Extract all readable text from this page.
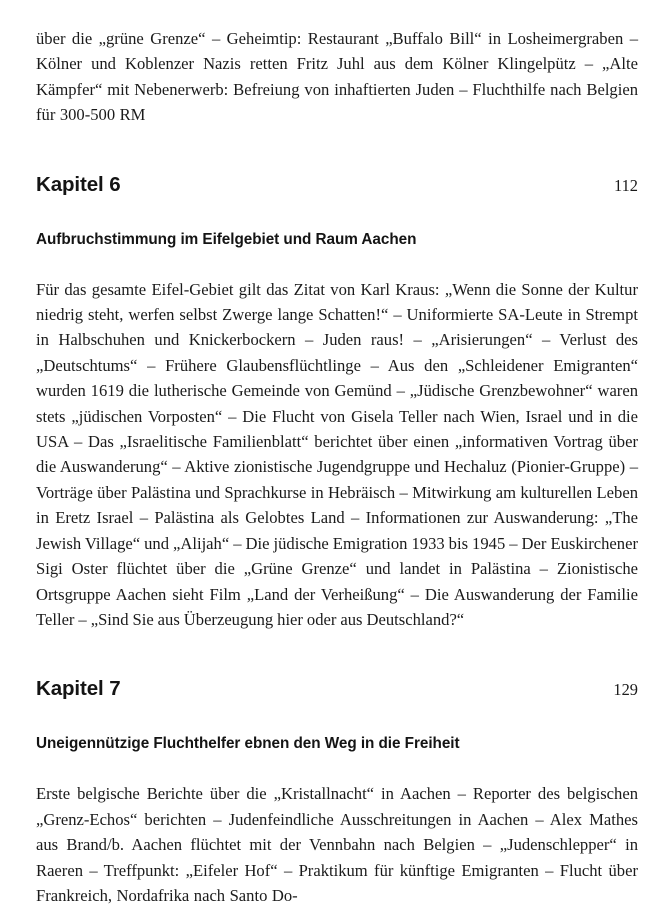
über die „grüne Grenze“ – Geheimtip: Restaurant „Buffalo Bill“ in Losheimergraben – Kölner und Koblenzer Nazis retten Fritz Juhl aus dem Kölner Klingelpütz – „Alte Kämpfer“ mit Nebenerwerb: Befreiung von inhaftierten Juden – Fluchthilfe nach Belgien für 300-500 RM

Kapitel 6	112
Aufbruchstimmung im Eifelgebiet und Raum Aachen

Für das gesamte Eifel-Gebiet gilt das Zitat von Karl Kraus: „Wenn die Sonne der Kultur niedrig steht, werfen selbst Zwerge lange Schatten!“ – Uniformierte SA-Leute in Strempt in Halbschuhen und Knickerbockern – Juden raus! – „Arisierungen“ – Verlust des „Deutschtums“ – Frühere Glaubensflüchtlinge – Aus den „Schleidener Emigranten“ wurden 1619 die lutherische Gemeinde von Gemünd – „Jüdische Grenzbewohner“ waren stets „jüdischen Vorposten“ – Die Flucht von Gisela Teller nach Wien, Israel und in die USA – Das „Israelitische Familienblatt“ berichtet über einen „informativen Vortrag über die Auswanderung“ – Aktive zionistische Jugendgruppe und Hechaluz (Pionier-Gruppe) – Vorträge über Palästina und Sprachkurse in Hebräisch – Mitwirkung am kulturellen Leben in Eretz Israel – Palästina als Gelobtes Land – Informationen zur Auswanderung: „The Jewish Village“ und „Alijah“ – Die jüdische Emigration 1933 bis 1945 – Der Euskirchener Sigi Oster flüchtet über die „Grüne Grenze“ und landet in Palästina – Zionistische Ortsgruppe Aachen sieht Film „Land der Verheißung“ – Die Auswanderung der Familie Teller – „Sind Sie aus Überzeugung hier oder aus Deutschland?“

Kapitel 7	129
Uneigennützige Fluchthelfer ebnen den Weg in die Freiheit

Erste belgische Berichte über die „Kristallnacht“ in Aachen – Reporter des belgischen „Grenz-Echos“ berichten – Judenfeindliche Ausschreitungen in Aachen – Alex Mathes aus Brand/b. Aachen flüchtet mit der Vennbahn nach Belgien – „Judenschlepper“ in Raeren – Treffpunkt: „Eifeler Hof“ – Praktikum für künftige Emigranten – Flucht über Frankreich, Nordafrika nach Santo Do-
